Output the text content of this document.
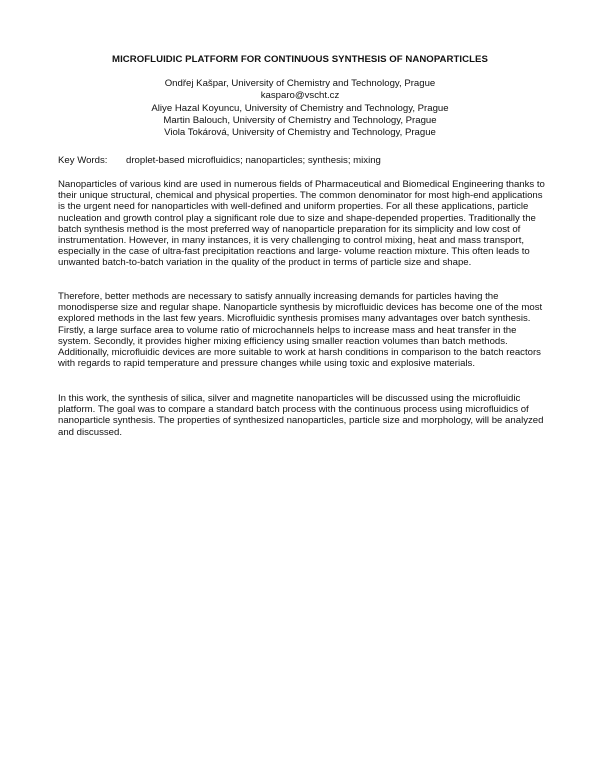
MICROFLUIDIC PLATFORM FOR CONTINUOUS SYNTHESIS OF NANOPARTICLES
Ondřej Kašpar, University of Chemistry and Technology, Prague
kasparo@vscht.cz
Aliye Hazal Koyuncu, University of Chemistry and Technology, Prague
Martin Balouch, University of Chemistry and Technology, Prague
Viola Tokárová, University of Chemistry and Technology, Prague
Key Words: droplet-based microfluidics; nanoparticles; synthesis; mixing
Nanoparticles of various kind are used in numerous fields of Pharmaceutical and Biomedical Engineering thanks to their unique structural, chemical and physical properties. The common denominator for most high-end applications is the urgent need for nanoparticles with well-defined and uniform properties. For all these applications, particle nucleation and growth control play a significant role due to size and shape-depended properties. Traditionally the batch synthesis method is the most preferred way of nanoparticle preparation for its simplicity and low cost of instrumentation. However, in many instances, it is very challenging to control mixing, heat and mass transport, especially in the case of ultra-fast precipitation reactions and large- volume reaction mixture. This often leads to unwanted batch-to-batch variation in the quality of the product in terms of particle size and shape.
Therefore, better methods are necessary to satisfy annually increasing demands for particles having the monodisperse size and regular shape. Nanoparticle synthesis by microfluidic devices has become one of the most explored methods in the last few years. Microfluidic synthesis promises many advantages over batch synthesis. Firstly, a large surface area to volume ratio of microchannels helps to increase mass and heat transfer in the system. Secondly, it provides higher mixing efficiency using smaller reaction volumes than batch methods. Additionally, microfluidic devices are more suitable to work at harsh conditions in comparison to the batch reactors with regards to rapid temperature and pressure changes while using toxic and explosive materials.
In this work, the synthesis of silica, silver and magnetite nanoparticles will be discussed using the microfluidic platform. The goal was to compare a standard batch process with the continuous process using microfluidics of nanoparticle synthesis. The properties of synthesized nanoparticles, particle size and morphology, will be analyzed and discussed.
